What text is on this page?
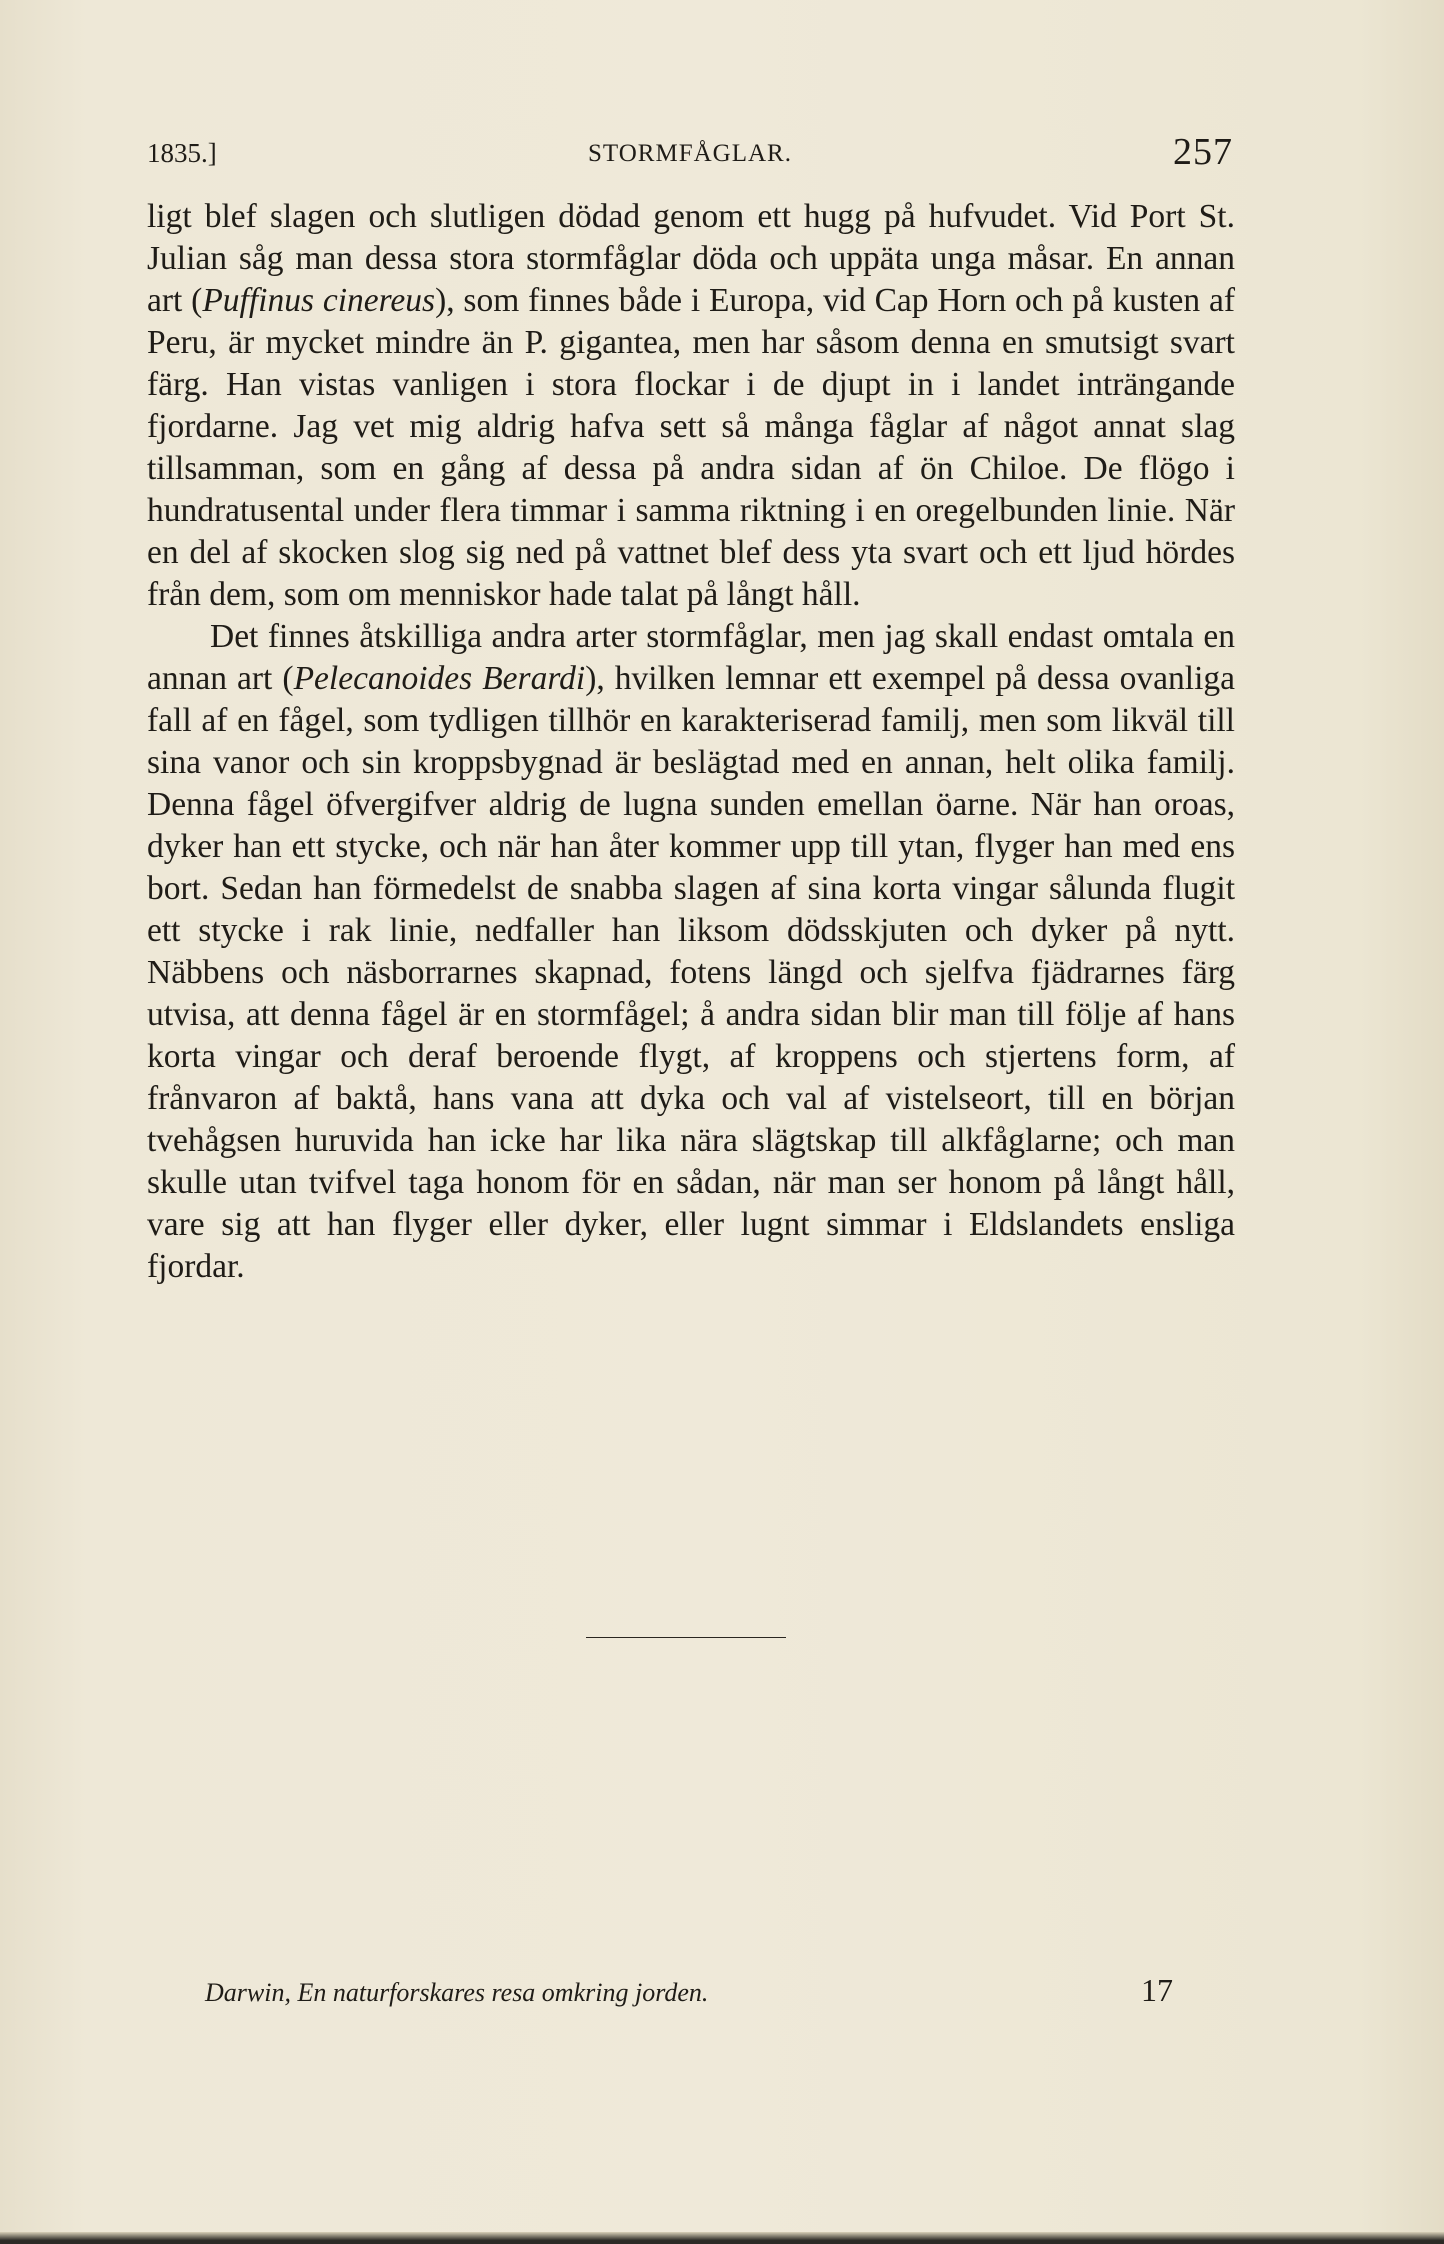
1835.]	STORMFÅGLAR.	257

ligt blef slagen och slutligen dödad genom ett hugg på hufvudet. Vid Port St. Julian såg man dessa stora stormfåglar döda och uppäta unga måsar. En annan art (Puffinus cinereus), som finnes både i Europa, vid Cap Horn och på kusten af Peru, är mycket mindre än P. gigantea, men har såsom denna en smutsigt svart färg. Han vistas vanligen i stora flockar i de djupt in i landet inträngande fjordarne. Jag vet mig aldrig hafva sett så många fåglar af något annat slag tillsamman, som en gång af dessa på andra sidan af ön Chiloe. De flögo i hundratusental under flera timmar i samma riktning i en oregelbunden linie. När en del af skocken slog sig ned på vattnet blef dess yta svart och ett ljud hördes från dem, som om menniskor hade talat på långt håll.

Det finnes åtskilliga andra arter stormfåglar, men jag skall endast omtala en annan art (Pelecanoides Berardi), hvilken lemnar ett exempel på dessa ovanliga fall af en fågel, som tydligen tillhör en karakteriserad familj, men som likväl till sina vanor och sin kroppsbygnad är beslägtad med en annan, helt olika familj. Denna fågel öfvergifver aldrig de lugna sunden emellan öarne. När han oroas, dyker han ett stycke, och när han åter kommer upp till ytan, flyger han med ens bort. Sedan han förmedelst de snabba slagen af sina korta vingar sålunda flugit ett stycke i rak linie, nedfaller han liksom dödsskjuten och dyker på nytt. Näbbens och näsborrarnes skapnad, fotens längd och sjelfva fjädrarnes färg utvisa, att denna fågel är en stormfågel; å andra sidan blir man till följe af hans korta vingar och deraf beroende flygt, af kroppens och stjertens form, af frånvaron af baktå, hans vana att dyka och val af vistelseort, till en början tvehågsen huruvida han icke har lika nära slägtskap till alkfåglarne; och man skulle utan tvifvel taga honom för en sådan, när man ser honom på långt håll, vare sig att han flyger eller dyker, eller lugnt simmar i Eldslandets ensliga fjordar.

Darwin, En naturforskares resa omkring jorden.	17
